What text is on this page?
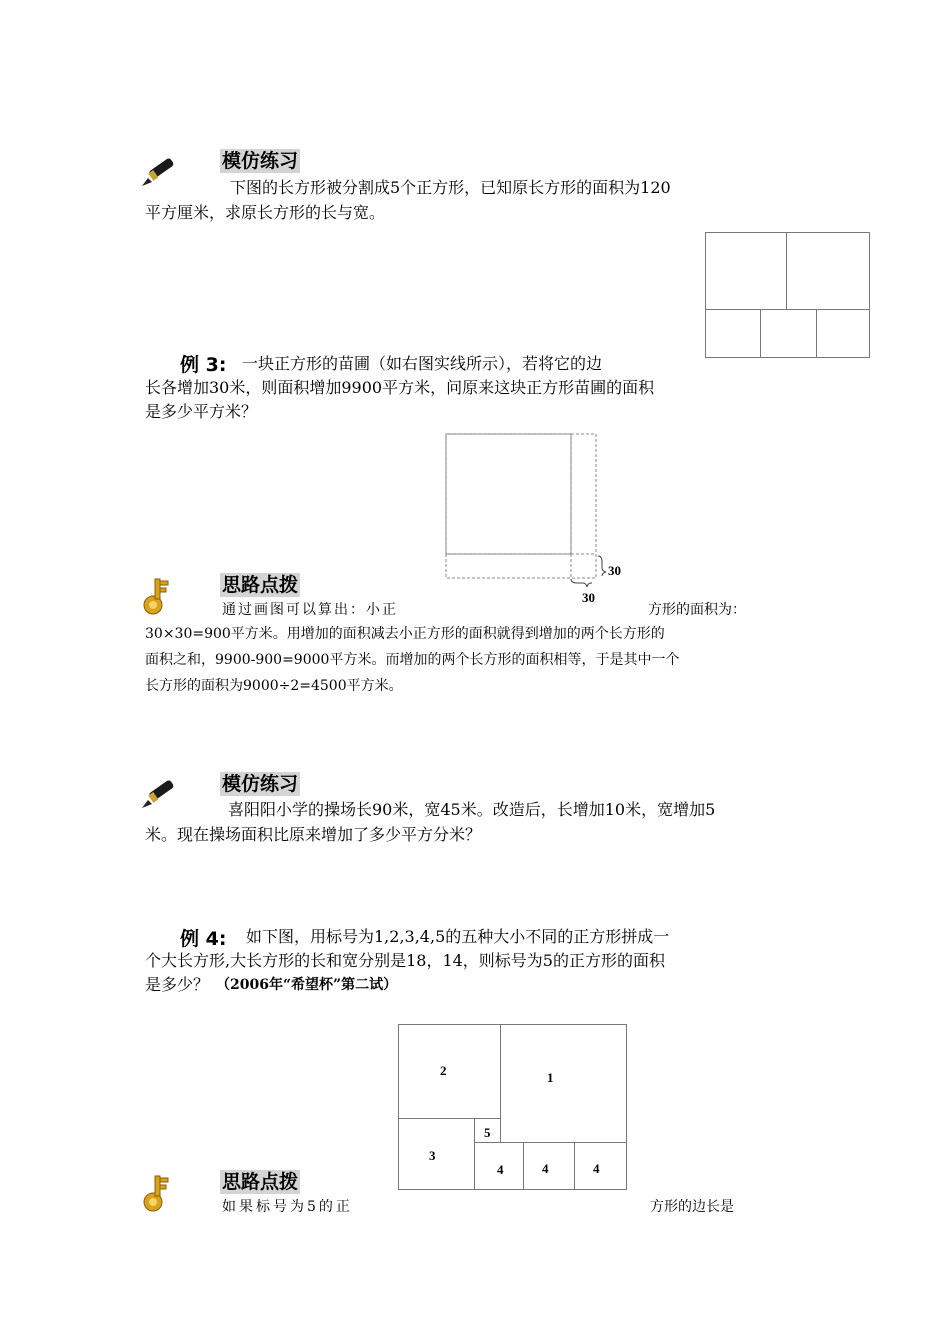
模仿练习
下图的长方形被分割成5个正方形，已知原长方形的面积为120
平方厘米，求原长方形的长与宽。
例 3: 一块正方形的苗圃（如右图实线所示），若将它的边
长各增加30米，则面积增加9900平方米，问原来这块正方形苗圃的面积
是多少平方米？
30
30
思路点拨
通过画图可以算出：小正	方形的面积为：
30×30=900平方米。用增加的面积减去小正方形的面积就得到增加的两个长方形的
面积之和，9900-900=9000平方米。而增加的两个长方形的面积相等，于是其中一个
长方形的面积为9000÷2=4500平方米。
模仿练习
喜阳阳小学的操场长90米，宽45米。改造后，长增加10米，宽增加5
米。现在操场面积比原来增加了多少平方分米？
例 4: 如下图，用标号为1,2,3,4,5的五种大小不同的正方形拼成一
个大长方形,大长方形的长和宽分别是18，14，则标号为5的正方形的面积
是多少？ （2006年“希望杯”第二试）
2	1
5
3
4	4	4
思路点拨
如果标号为5的正	方形的边长是
